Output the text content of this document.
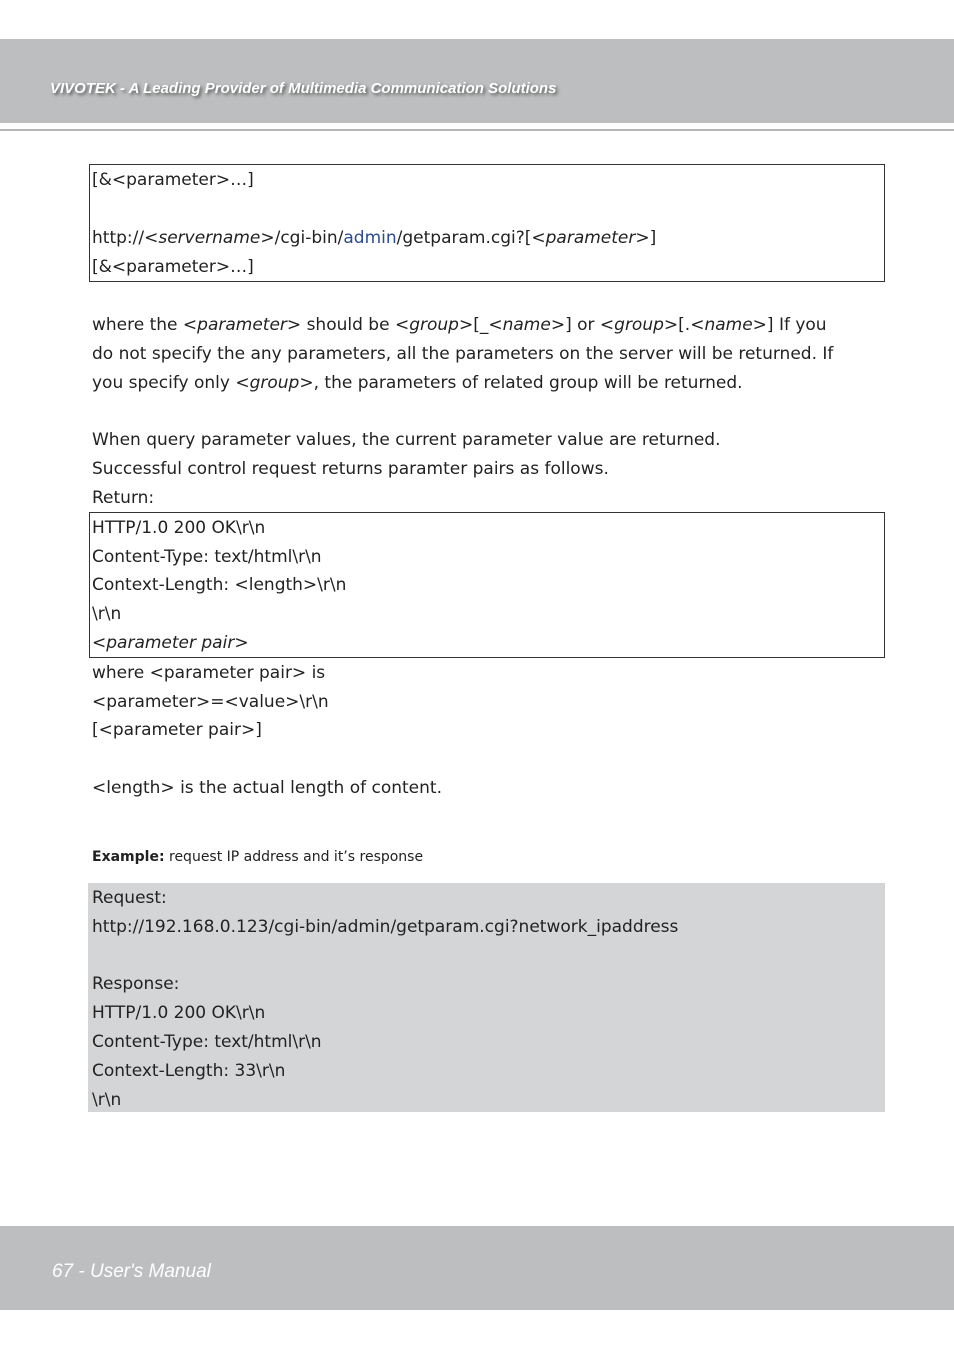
VIVOTEK - A Leading Provider of Multimedia Communication Solutions
[&<parameter>…]
http://<servername>/cgi-bin/admin/getparam.cgi?[<parameter>]
[&<parameter>…]
where the <parameter> should be <group>[_<name>] or <group>[.<name>] If you
do not specify the any parameters, all the parameters on the server will be returned. If
you specify only <group>, the parameters of related group will be returned.
When query parameter values, the current parameter value are returned.
Successful control request returns paramter pairs as follows.
Return:
HTTP/1.0 200 OK\r\n
Content-Type: text/html\r\n
Context-Length: <length>\r\n
\r\n
<parameter pair>
where <parameter pair> is
<parameter>=<value>\r\n
[<parameter pair>]
<length> is the actual length of content.
Example: request IP address and it’s response
Request:
http://192.168.0.123/cgi-bin/admin/getparam.cgi?network_ipaddress
Response:
HTTP/1.0 200 OK\r\n
Content-Type: text/html\r\n
Context-Length: 33\r\n
\r\n
67 - User's Manual
